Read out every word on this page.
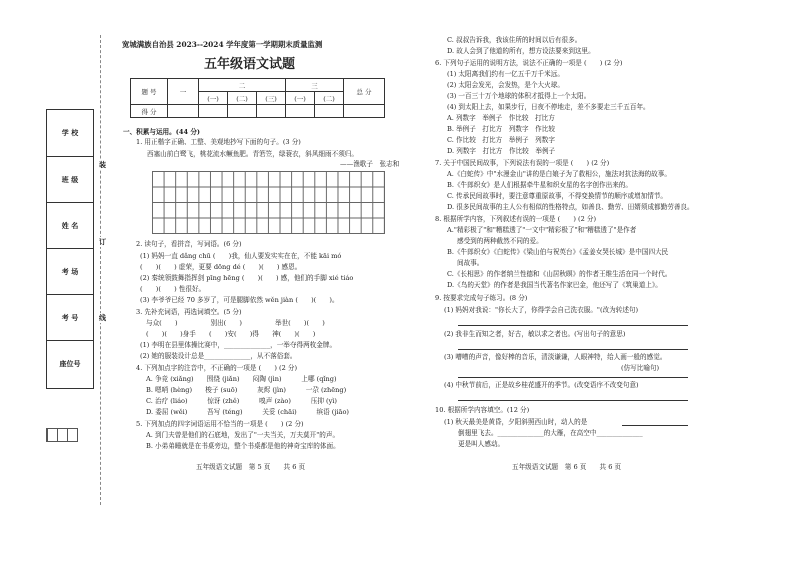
学 校
班 级
姓 名
考 场
考 号
座位号
装
订
线
宽城满族自治县 2023--2024 学年度第一学期期末质量监测
五年级语文试题
题 号	一	二			三		总 分
		(一)	(二)	(三)	(一)	(二)	
得 分							
一、积累与运用。(44 分)
1. 用正楷字正确、工整、美观地抄写下面的句子。(3 分)
西塞山前白鹭飞，桃花流水鳜鱼肥。青箬笠，绿蓑衣，斜风细雨不须归。
——渔歌子　张志和
2. 读句子，看拼音，写词语。(6 分)
(1) 妈妈一直 dǎng chū (　　)我，仙人要发实实在在，不能 kāi mó
(　　)(　　) 虚荣，更要 dōng dé (　　)(　　) 感恩。
(2) 秦统领鼓舞指挥剑 pīng hēng (　　)(　　) 感，他们的手脚 xié tiáo
(　　)(　　) 性很好。
(3) 李爷爷已经 70 多岁了，可是腿脚依然 wěn jiàn (　　)(　　)。
3. 先补充词语，再选词填空。(5 分)
与众(　　)　　　　　别出(　　)　　　　　举世(　　)(　　)
(　　)(　　)身手　　(　　)安(　　)得　　神(　　)(　　)
(1) 李明在县里体操比赛中，______________，一举夺得两枚金牌。
(2) 她的服装设计总是______________，从不落俗套。
4. 下列加点字的注音中，不正确的一项是 (　　) (2 分)
A. 争竞 (xiǎng)　　围绕 (jiǎn)　　闷陶 (jìn)　　　上哪 (qǐng)
B. 嗯哨 (hèng)　　梭子 (suō)　　　灰烬 (jìn)　　　一尕 (zhēng)
C. 治疗 (liáo)　　　惊讶 (zhě)　　　嗅声 (zào)　　　压抑 (yì)
D. 委屈 (wěi)　　　吾写 (téng)　　　关妥 (chāi)　　　缤语 (jiāo)
5. 下列加点的四字词语运用不恰当的一项是 (　　) (2 分)
A. 到门夫曾是他们的石底地，发出了"一夫当关，万夫莫开"的声。
B. 小弟弟睡就是在书桌旁边，整个书桌都是他的神奇宝库的体面。
五年级语文试题　第 5 页　　共 6 页
C. 叔叔告诉我，我该住所的时间以后有很多。
D. 故人会到了他道的所有，想方设法要来到这里。
6. 下列句子运用的说明方法，说法不正确的一项是 (　　) (2 分)
(1) 太阳离我们约有一亿五千万千米远。
(2) 太阳会发光，会发热，是个大火球。
(3) 一百三十万个地球的体积才抵得上一个太阳。
(4) 到太阳上去，如果步行，日夜不停地走，差不多要走三千五百年。
A. 列数字　举例子　作比较　打比方
B. 举例子　打比方　列数字　作比较
C. 作比较　打比方　举例子　列数字
D. 列数字　打比方　作比较　举例子
7. 关于中国民间故事，下列说法有误的一项是 (　　) (2 分)
A.《白蛇传》中"水漫金山"讲的是白娘子为了救相公，施法对抗法海的故事。
B.《牛郎织女》是人们根据牵牛星和织女星的名字创作出来的。
C. 传承民间故事时，要注意尊重原故事，不得变换情节的顺序或增加情节。
D. 很多民间故事的主人公有相似的性格特点，如善良、勤劳、田婿须成都勤劳善良。
8. 根据所学内容，下列叙述有误的一项是 (　　) (2 分)
A."精彩极了"和"糟糕透了"一文中"精彩极了"和"糟糕透了"是作者
感受到的两种截然不同的爱。
B.《牛郎织女》《白蛇传》《梁山伯与祝英台》《孟姜女哭长城》是中国四大民
间故事。
C.《长相思》的作者纳兰性德和《山居秋暝》的作者王维生活在同一个时代。
D.《鸟的天堂》的作者是我国当代著名作家巴金，他还写了《筑巢道上》。
9. 按要求完成句子练习。(8 分)
(1) 妈妈对我说："你长大了，你得学会自己洗衣服。"(改为转述句)
(2) 我非生而知之者，好古，敏以求之者也。(写出句子的意思)
(3) 嘈嘈的声音，像好棒的音乐，清淡谦谦，人眼神特，给人画一般的感觉。
(仿写比喻句)
(4) 中秋节前后，正是故乡桂花盛开的季节。(改变语序不改变句意)
10. 根据所学内容填空。(12 分)
(1) 秋天最美是黄昏，夕阳斜照西山时，动人的是
倒翅里飞去。______________的大雁，在高空中______________
更是叫人感动。
五年级语文试题　第 6 页　　共 6 页
